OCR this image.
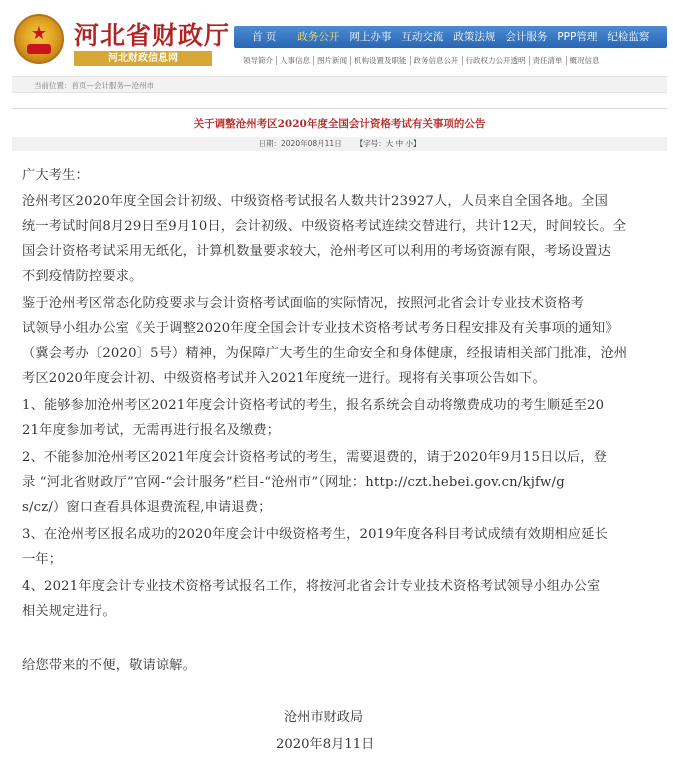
★	河北省财政厅
河北财政信息网
首 页	政务公开 网上办事 互动交流 政策法规 会计服务 PPP管理 纪检监察
领导简介 人事信息 图片新闻 机构设置及职能 政务信息公开 行政权力公开透明 责任清单 概况信息
当前位置：首页—会计服务—沧州市
关于调整沧州考区2020年度全国会计资格考试有关事项的公告
日期：2020年08月11日 【字号：大 中 小】
广大考生：
沧州考区2020年度全国会计初级、中级资格考试报名人数共计23927人，人员来自全国各地。全国
统一考试时间8月29日至9月10日，会计初级、中级资格考试连续交替进行，共计12天，时间较长。全
国会计资格考试采用无纸化，计算机数量要求较大，沧州考区可以利用的考场资源有限，考场设置达
不到疫情防控要求。
鉴于沧州考区常态化防疫要求与会计资格考试面临的实际情况，按照河北省会计专业技术资格考
试领导小组办公室《关于调整2020年度全国会计专业技术资格考试考务日程安排及有关事项的通知》
（冀会考办〔2020〕5号）精神，为保障广大考生的生命安全和身体健康，经报请相关部门批准，沧州
考区2020年度会计初、中级资格考试并入2021年度统一进行。现将有关事项公告如下。
1、能够参加沧州考区2021年度会计资格考试的考生，报名系统会自动将缴费成功的考生顺延至20
21年度参加考试，无需再进行报名及缴费；
2、不能参加沧州考区2021年度会计资格考试的考生，需要退费的，请于2020年9月15日以后，登
录 “河北省财政厅”官网-“会计服务”栏目-“沧州市”（网址：http://czt.hebei.gov.cn/kjfw/g
s/cz/）窗口查看具体退费流程,申请退费；
3、在沧州考区报名成功的2020年度会计中级资格考生，2019年度各科目考试成绩有效期相应延长
一年；
4、2021年度会计专业技术资格考试报名工作，将按河北省会计专业技术资格考试领导小组办公室
相关规定进行。
给您带来的不便，敬请谅解。
沧州市财政局
2020年8月11日
